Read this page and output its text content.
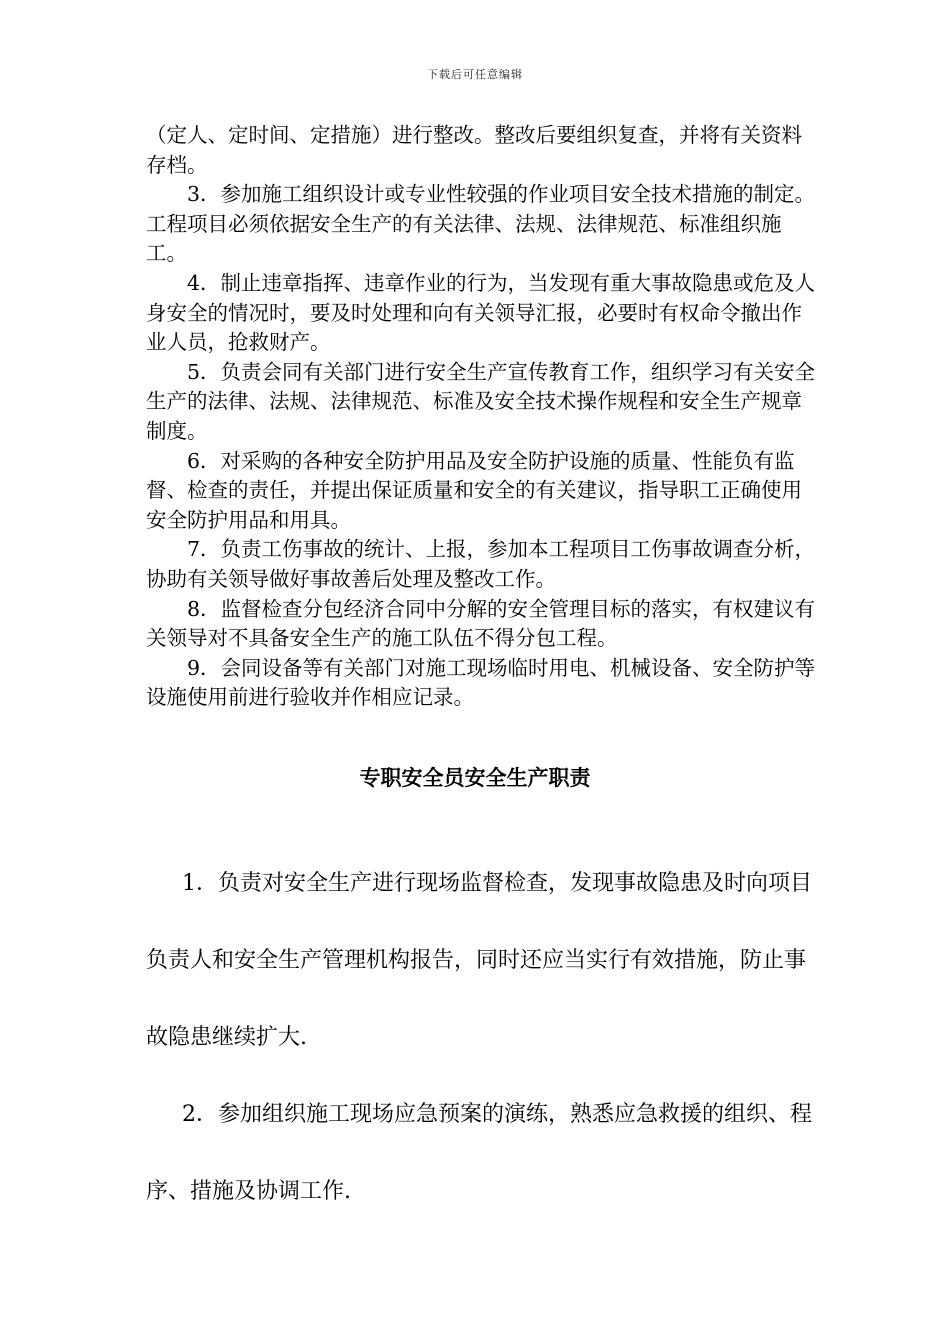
下载后可任意编辑

（定人、定时间、定措施）进行整改。整改后要组织复查，并将有关资料存档。

3．参加施工组织设计或专业性较强的作业项目安全技术措施的制定。工程项目必须依据安全生产的有关法律、法规、法律规范、标准组织施工。

4．制止违章指挥、违章作业的行为，当发现有重大事故隐患或危及人身安全的情况时，要及时处理和向有关领导汇报，必要时有权命令撤出作业人员，抢救财产。

5．负责会同有关部门进行安全生产宣传教育工作，组织学习有关安全生产的法律、法规、法律规范、标准及安全技术操作规程和安全生产规章制度。

6．对采购的各种安全防护用品及安全防护设施的质量、性能负有监督、检查的责任，并提出保证质量和安全的有关建议，指导职工正确使用安全防护用品和用具。

7．负责工伤事故的统计、上报，参加本工程项目工伤事故调查分析，协助有关领导做好事故善后处理及整改工作。

8．监督检查分包经济合同中分解的安全管理目标的落实，有权建议有关领导对不具备安全生产的施工队伍不得分包工程。

9．会同设备等有关部门对施工现场临时用电、机械设备、安全防护等设施使用前进行验收并作相应记录。

专职安全员安全生产职责

1．负责对安全生产进行现场监督检查，发现事故隐患及时向项目负责人和安全生产管理机构报告，同时还应当实行有效措施，防止事故隐患继续扩大.

2．参加组织施工现场应急预案的演练，熟悉应急救援的组织、程序、措施及协调工作.
